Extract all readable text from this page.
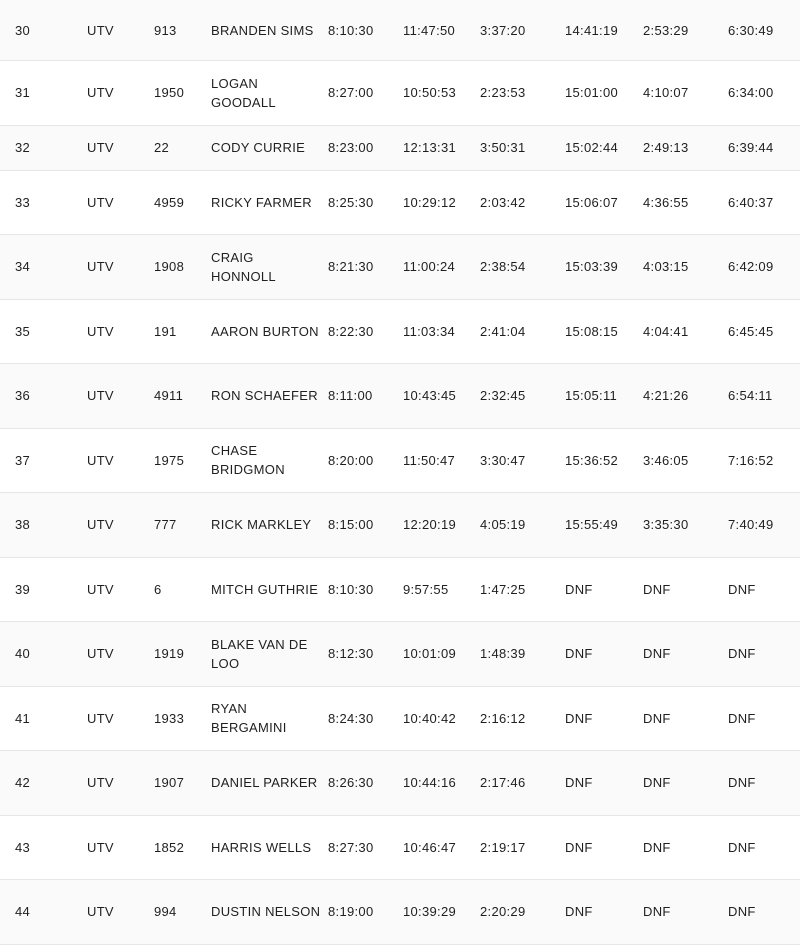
30	UTV	913	BRANDEN SIMS	8:10:30	11:47:50	3:37:20	14:41:19	2:53:29	6:30:49
31	UTV	1950	LOGAN GOODALL	8:27:00	10:50:53	2:23:53	15:01:00	4:10:07	6:34:00
32	UTV	22	CODY CURRIE	8:23:00	12:13:31	3:50:31	15:02:44	2:49:13	6:39:44
33	UTV	4959	RICKY FARMER	8:25:30	10:29:12	2:03:42	15:06:07	4:36:55	6:40:37
34	UTV	1908	CRAIG HONNOLL	8:21:30	11:00:24	2:38:54	15:03:39	4:03:15	6:42:09
35	UTV	191	AARON BURTON	8:22:30	11:03:34	2:41:04	15:08:15	4:04:41	6:45:45
36	UTV	4911	RON SCHAEFER	8:11:00	10:43:45	2:32:45	15:05:11	4:21:26	6:54:11
37	UTV	1975	CHASE BRIDGMON	8:20:00	11:50:47	3:30:47	15:36:52	3:46:05	7:16:52
38	UTV	777	RICK MARKLEY	8:15:00	12:20:19	4:05:19	15:55:49	3:35:30	7:40:49
39	UTV	6	MITCH GUTHRIE	8:10:30	9:57:55	1:47:25	DNF	DNF	DNF
40	UTV	1919	BLAKE VAN DE LOO	8:12:30	10:01:09	1:48:39	DNF	DNF	DNF
41	UTV	1933	RYAN BERGAMINI	8:24:30	10:40:42	2:16:12	DNF	DNF	DNF
42	UTV	1907	DANIEL PARKER	8:26:30	10:44:16	2:17:46	DNF	DNF	DNF
43	UTV	1852	HARRIS WELLS	8:27:30	10:46:47	2:19:17	DNF	DNF	DNF
44	UTV	994	DUSTIN NELSON	8:19:00	10:39:29	2:20:29	DNF	DNF	DNF
